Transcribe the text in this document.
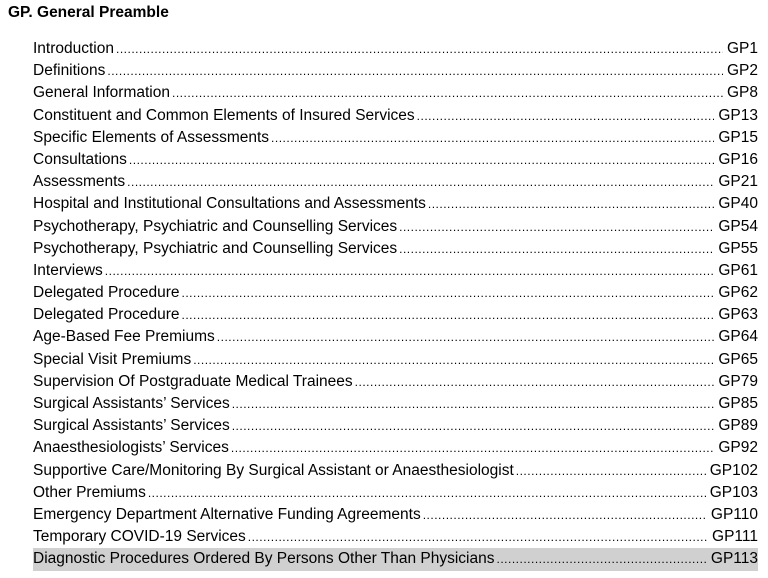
GP. General Preamble
Introduction .....	GP1
Definitions .....	GP2
General Information .....	GP8
Constituent and Common Elements of Insured Services .....	GP13
Specific Elements of Assessments .....	GP15
Consultations .....	GP16
Assessments .....	GP21
Hospital and Institutional Consultations and Assessments .....	GP40
Psychotherapy, Psychiatric and Counselling Services .....	GP54
Psychotherapy, Psychiatric and Counselling Services .....	GP55
Interviews .....	GP61
Delegated Procedure .....	GP62
Delegated Procedure .....	GP63
Age-Based Fee Premiums .....	GP64
Special Visit Premiums .....	GP65
Supervision Of Postgraduate Medical Trainees .....	GP79
Surgical Assistants’ Services .....	GP85
Surgical Assistants’ Services .....	GP89
Anaesthesiologists’ Services .....	GP92
Supportive Care/Monitoring By Surgical Assistant or Anaesthesiologist .....	GP102
Other Premiums .....	GP103
Emergency Department Alternative Funding Agreements .....	GP110
Temporary COVID-19 Services .....	GP111
Diagnostic Procedures Ordered By Persons Other Than Physicians .....	GP113
